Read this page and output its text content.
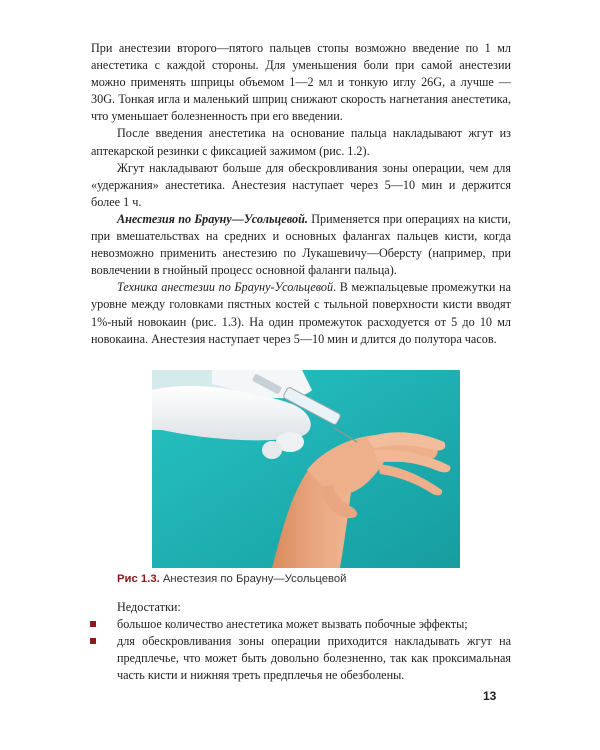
При анестезии второго—пятого пальцев стопы возможно введение по 1 мл анестетика с каждой стороны. Для уменьшения боли при самой анестезии можно применять шприцы объемом 1—2 мл и тонкую иглу 26G, а лучше — 30G. Тонкая игла и маленький шприц снижают скорость нагнетания анестетика, что уменьшает болезненность при его введении.

После введения анестетика на основание пальца накладывают жгут из аптекарской резинки с фиксацией зажимом (рис. 1.2).

Жгут накладывают больше для обескровливания зоны операции, чем для «удержания» анестетика. Анестезия наступает через 5—10 мин и держится более 1 ч.

Анестезия по Брауну—Усольцевой. Применяется при операциях на кисти, при вмешательствах на средних и основных фалангах пальцев кисти, когда невозможно применить анестезию по Лукашевичу—Оберсту (например, при вовлечении в гнойный процесс основной фаланги пальца).

Техника анестезии по Брауну-Усольцевой. В межпальцевые промежутки на уровне между головками пястных костей с тыльной поверхности кисти вводят 1%-ный новокаин (рис. 1.3). На один промежуток расходуется от 5 до 10 мл новокаина. Анестезия наступает через 5—10 мин и длится до полутора часов.

Рис 1.3. Анестезия по Брауну—Усольцевой

Недостатки:

большое количество анестетика может вызвать побочные эффекты;
для обескровливания зоны операции приходится накладывать жгут на предплечье, что может быть довольно болезненно, так как проксимальная часть кисти и нижняя треть предплечья не обезболены.
13
